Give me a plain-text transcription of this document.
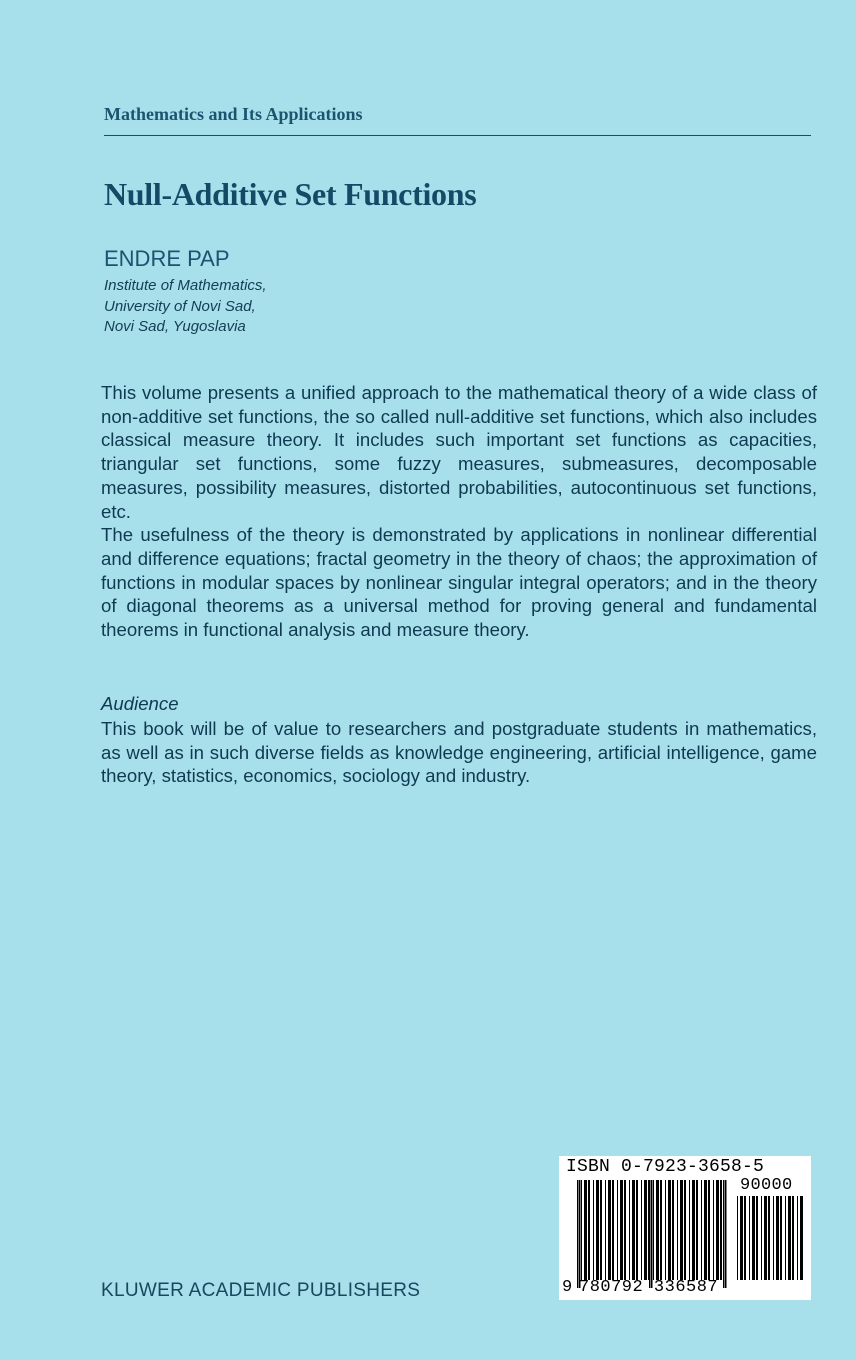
Mathematics and Its Applications
Null-Additive Set Functions
ENDRE PAP
Institute of Mathematics,
University of Novi Sad,
Novi Sad, Yugoslavia

This volume presents a unified approach to the mathematical theory of a wide class of non-additive set functions, the so called null-additive set functions, which also includes classical measure theory. It includes such important set functions as capacities, triangular set functions, some fuzzy measures, submeasures, decomposable measures, possibility measures, distorted probabilities, autocontinuous set functions, etc.

The usefulness of the theory is demonstrated by applications in nonlinear differential and difference equations; fractal geometry in the theory of chaos; the approximation of functions in modular spaces by nonlinear singular integral operators; and in the theory of diagonal theorems as a universal method for proving general and fundamental theorems in functional analysis and measure theory.

Audience

This book will be of value to researchers and postgraduate students in mathematics, as well as in such diverse fields as knowledge engineering, artificial intelligence, game theory, statistics, economics, sociology and industry.

KLUWER ACADEMIC PUBLISHERS
ISBN 0-7923-3658-5
90000
9 780792 336587
